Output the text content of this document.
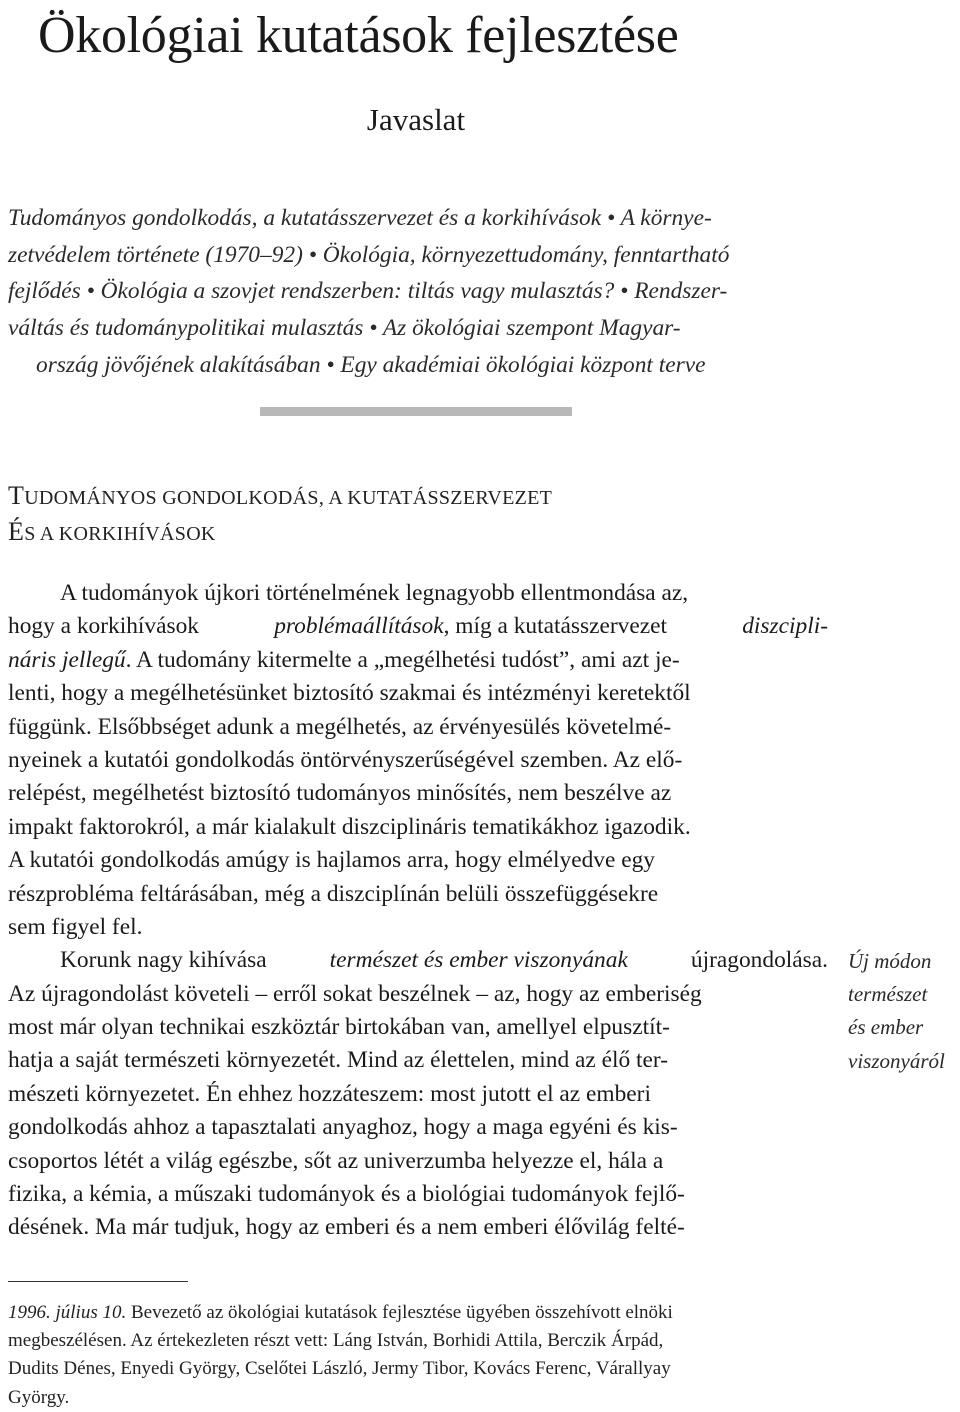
Ökológiai kutatások fejlesztése
Javaslat
Tudományos gondolkodás, a kutatásszervezet és a korkihívások • A környe-
zetvédelem története (1970–92) • Ökológia, környezettudomány, fenntartható
fejlődés • Ökológia a szovjet rendszerben: tiltás vagy mulasztás? • Rendszer-
váltás és tudománypolitikai mulasztás • Az ökológiai szempont Magyar-
ország jövőjének alakításában • Egy akadémiai ökológiai központ terve
TUDOMÁNYOS GONDOLKODÁS, A KUTATÁSSZERVEZET
ÉS A KORKIHÍVÁSOK
A tudományok újkori történelmének legnagyobb ellentmondása az,
hogy a korkihívások	problémaállítások, míg a kutatásszervezet	diszcipli-
náris jellegű. A tudomány kitermelte a „megélhetési tudóst”, ami azt je-
lenti, hogy a megélhetésünket biztosító szakmai és intézményi keretektől
függünk. Elsőbbséget adunk a megélhetés, az érvényesülés követelmé-
nyeinek a kutatói gondolkodás öntörvényszerűségével szemben. Az elő-
relépést, megélhetést biztosító tudományos minősítés, nem beszélve az
impakt faktorokról, a már kialakult diszciplináris tematikákhoz igazodik.
A kutatói gondolkodás amúgy is hajlamos arra, hogy elmélyedve egy
részprobléma feltárásában, még a diszciplínán belüli összefüggésekre
sem figyel fel.
Korunk nagy kihívása	természet és ember viszonyának	újragondolása.
Az újragondolást követeli – erről sokat beszélnek – az, hogy az emberiség
most már olyan technikai eszköztár birtokában van, amellyel elpusztít-
hatja a saját természeti környezetét. Mind az élettelen, mind az élő ter-
mészeti környezetet. Én ehhez hozzáteszem: most jutott el az emberi
gondolkodás ahhoz a tapasztalati anyaghoz, hogy a maga egyéni és kis-
csoportos létét a világ egészbe, sőt az univerzumba helyezze el, hála a
fizika, a kémia, a műszaki tudományok és a biológiai tudományok fejlő-
désének. Ma már tudjuk, hogy az emberi és a nem emberi élővilág felté-
Új módon
természet
és ember
viszonyáról
1996. július 10. Bevezető az ökológiai kutatások fejlesztése ügyében összehívott elnöki
megbeszélésen. Az értekezleten részt vett: Láng István, Borhidi Attila, Berczik Árpád,
Dudits Dénes, Enyedi György, Cselőtei László, Jermy Tibor, Kovács Ferenc, Várallyay
György.
